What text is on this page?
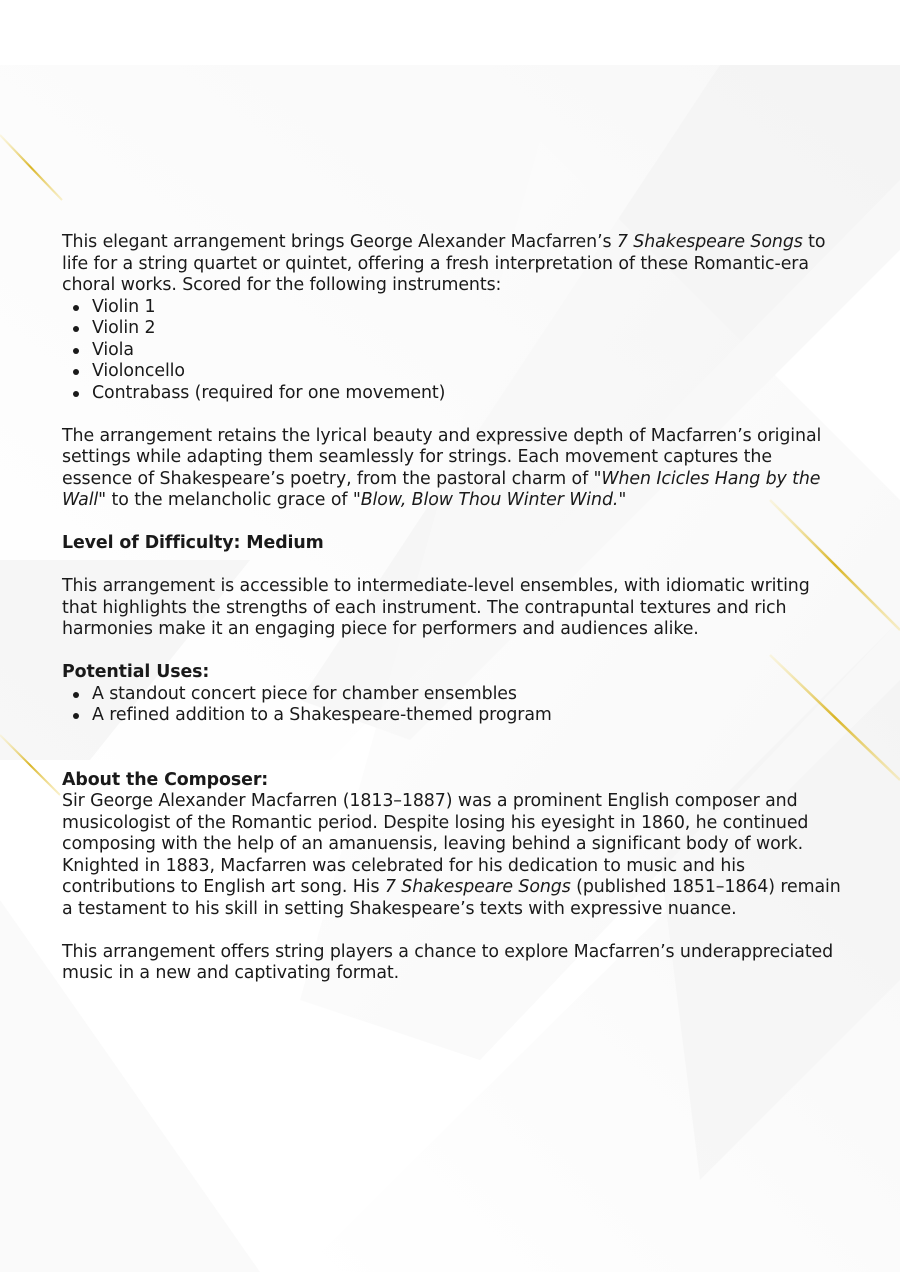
This elegant arrangement brings George Alexander Macfarren’s 7 Shakespeare Songs to life for a string quartet or quintet, offering a fresh interpretation of these Romantic-era choral works. Scored for the following instruments:

Violin 1
Violin 2
Viola
Violoncello
Contrabass (required for one movement)

The arrangement retains the lyrical beauty and expressive depth of Macfarren’s original settings while adapting them seamlessly for strings. Each movement captures the essence of Shakespeare’s poetry, from the pastoral charm of "When Icicles Hang by the Wall" to the melancholic grace of "Blow, Blow Thou Winter Wind."

Level of Difficulty: Medium

This arrangement is accessible to intermediate-level ensembles, with idiomatic writing that highlights the strengths of each instrument. The contrapuntal textures and rich harmonies make it an engaging piece for performers and audiences alike.

Potential Uses:

A standout concert piece for chamber ensembles
A refined addition to a Shakespeare-themed program

About the Composer:

Sir George Alexander Macfarren (1813–1887) was a prominent English composer and musicologist of the Romantic period. Despite losing his eyesight in 1860, he continued composing with the help of an amanuensis, leaving behind a significant body of work. Knighted in 1883, Macfarren was celebrated for his dedication to music and his contributions to English art song. His 7 Shakespeare Songs (published 1851–1864) remain a testament to his skill in setting Shakespeare’s texts with expressive nuance.

This arrangement offers string players a chance to explore Macfarren’s underappreciated music in a new and captivating format.
